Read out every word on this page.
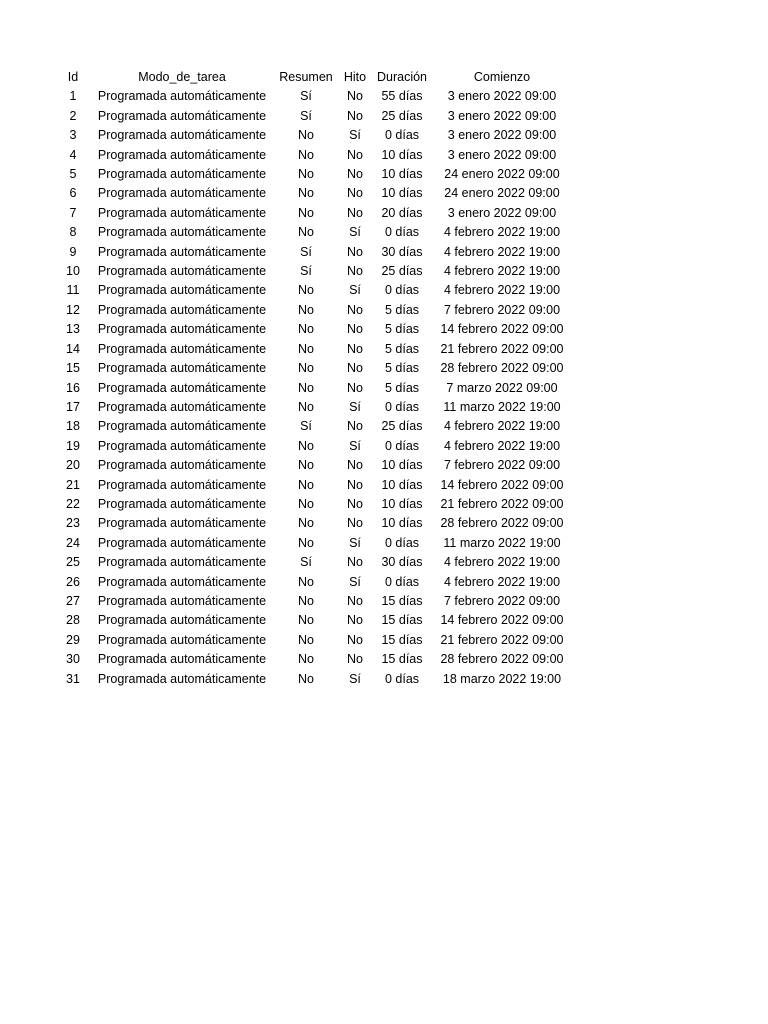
Id	Modo_de_tarea	Resumen	Hito	Duración	Comienzo
1	Programada automáticamente	Sí	No	55 días	3 enero 2022 09:00
2	Programada automáticamente	Sí	No	25 días	3 enero 2022 09:00
3	Programada automáticamente	No	Sí	0 días	3 enero 2022 09:00
4	Programada automáticamente	No	No	10 días	3 enero 2022 09:00
5	Programada automáticamente	No	No	10 días	24 enero 2022 09:00
6	Programada automáticamente	No	No	10 días	24 enero 2022 09:00
7	Programada automáticamente	No	No	20 días	3 enero 2022 09:00
8	Programada automáticamente	No	Sí	0 días	4 febrero 2022 19:00
9	Programada automáticamente	Sí	No	30 días	4 febrero 2022 19:00
10	Programada automáticamente	Sí	No	25 días	4 febrero 2022 19:00
11	Programada automáticamente	No	Sí	0 días	4 febrero 2022 19:00
12	Programada automáticamente	No	No	5 días	7 febrero 2022 09:00
13	Programada automáticamente	No	No	5 días	14 febrero 2022 09:00
14	Programada automáticamente	No	No	5 días	21 febrero 2022 09:00
15	Programada automáticamente	No	No	5 días	28 febrero 2022 09:00
16	Programada automáticamente	No	No	5 días	7 marzo 2022 09:00
17	Programada automáticamente	No	Sí	0 días	11 marzo 2022 19:00
18	Programada automáticamente	Sí	No	25 días	4 febrero 2022 19:00
19	Programada automáticamente	No	Sí	0 días	4 febrero 2022 19:00
20	Programada automáticamente	No	No	10 días	7 febrero 2022 09:00
21	Programada automáticamente	No	No	10 días	14 febrero 2022 09:00
22	Programada automáticamente	No	No	10 días	21 febrero 2022 09:00
23	Programada automáticamente	No	No	10 días	28 febrero 2022 09:00
24	Programada automáticamente	No	Sí	0 días	11 marzo 2022 19:00
25	Programada automáticamente	Sí	No	30 días	4 febrero 2022 19:00
26	Programada automáticamente	No	Sí	0 días	4 febrero 2022 19:00
27	Programada automáticamente	No	No	15 días	7 febrero 2022 09:00
28	Programada automáticamente	No	No	15 días	14 febrero 2022 09:00
29	Programada automáticamente	No	No	15 días	21 febrero 2022 09:00
30	Programada automáticamente	No	No	15 días	28 febrero 2022 09:00
31	Programada automáticamente	No	Sí	0 días	18 marzo 2022 19:00
